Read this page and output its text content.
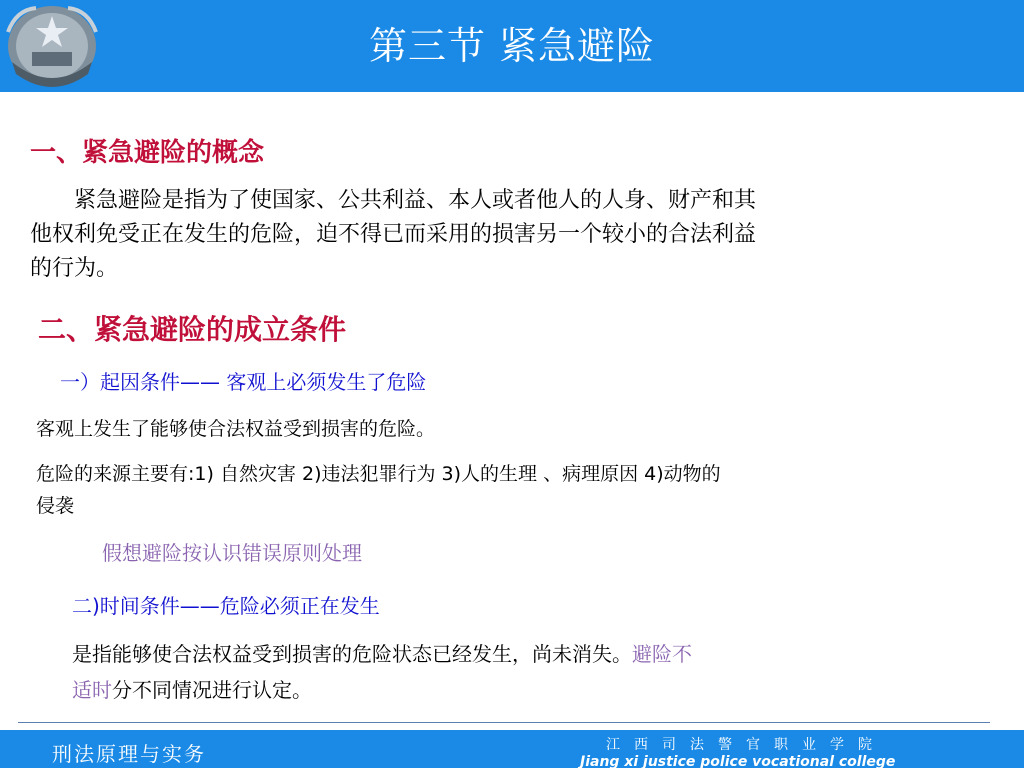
第三节 紧急避险
一、紧急避险的概念
　　紧急避险是指为了使国家、公共利益、本人或者他人的人身、财产和其
他权利免受正在发生的危险，迫不得已而采用的损害另一个较小的合法利益
的行为。
二、紧急避险的成立条件
一）起因条件—— 客观上必须发生了危险
客观上发生了能够使合法权益受到损害的危险。
危险的来源主要有:1) 自然灾害 2)违法犯罪行为 3)人的生理 、病理原因 4)动物的
侵袭
假想避险按认识错误原则处理
二)时间条件——危险必须正在发生
是指能够使合法权益受到损害的危险状态已经发生，尚未消失。避险不
适时分不同情况进行认定。
刑法原理与实务	江西司法警官职业学院
Jiang xi justice police vocational college
